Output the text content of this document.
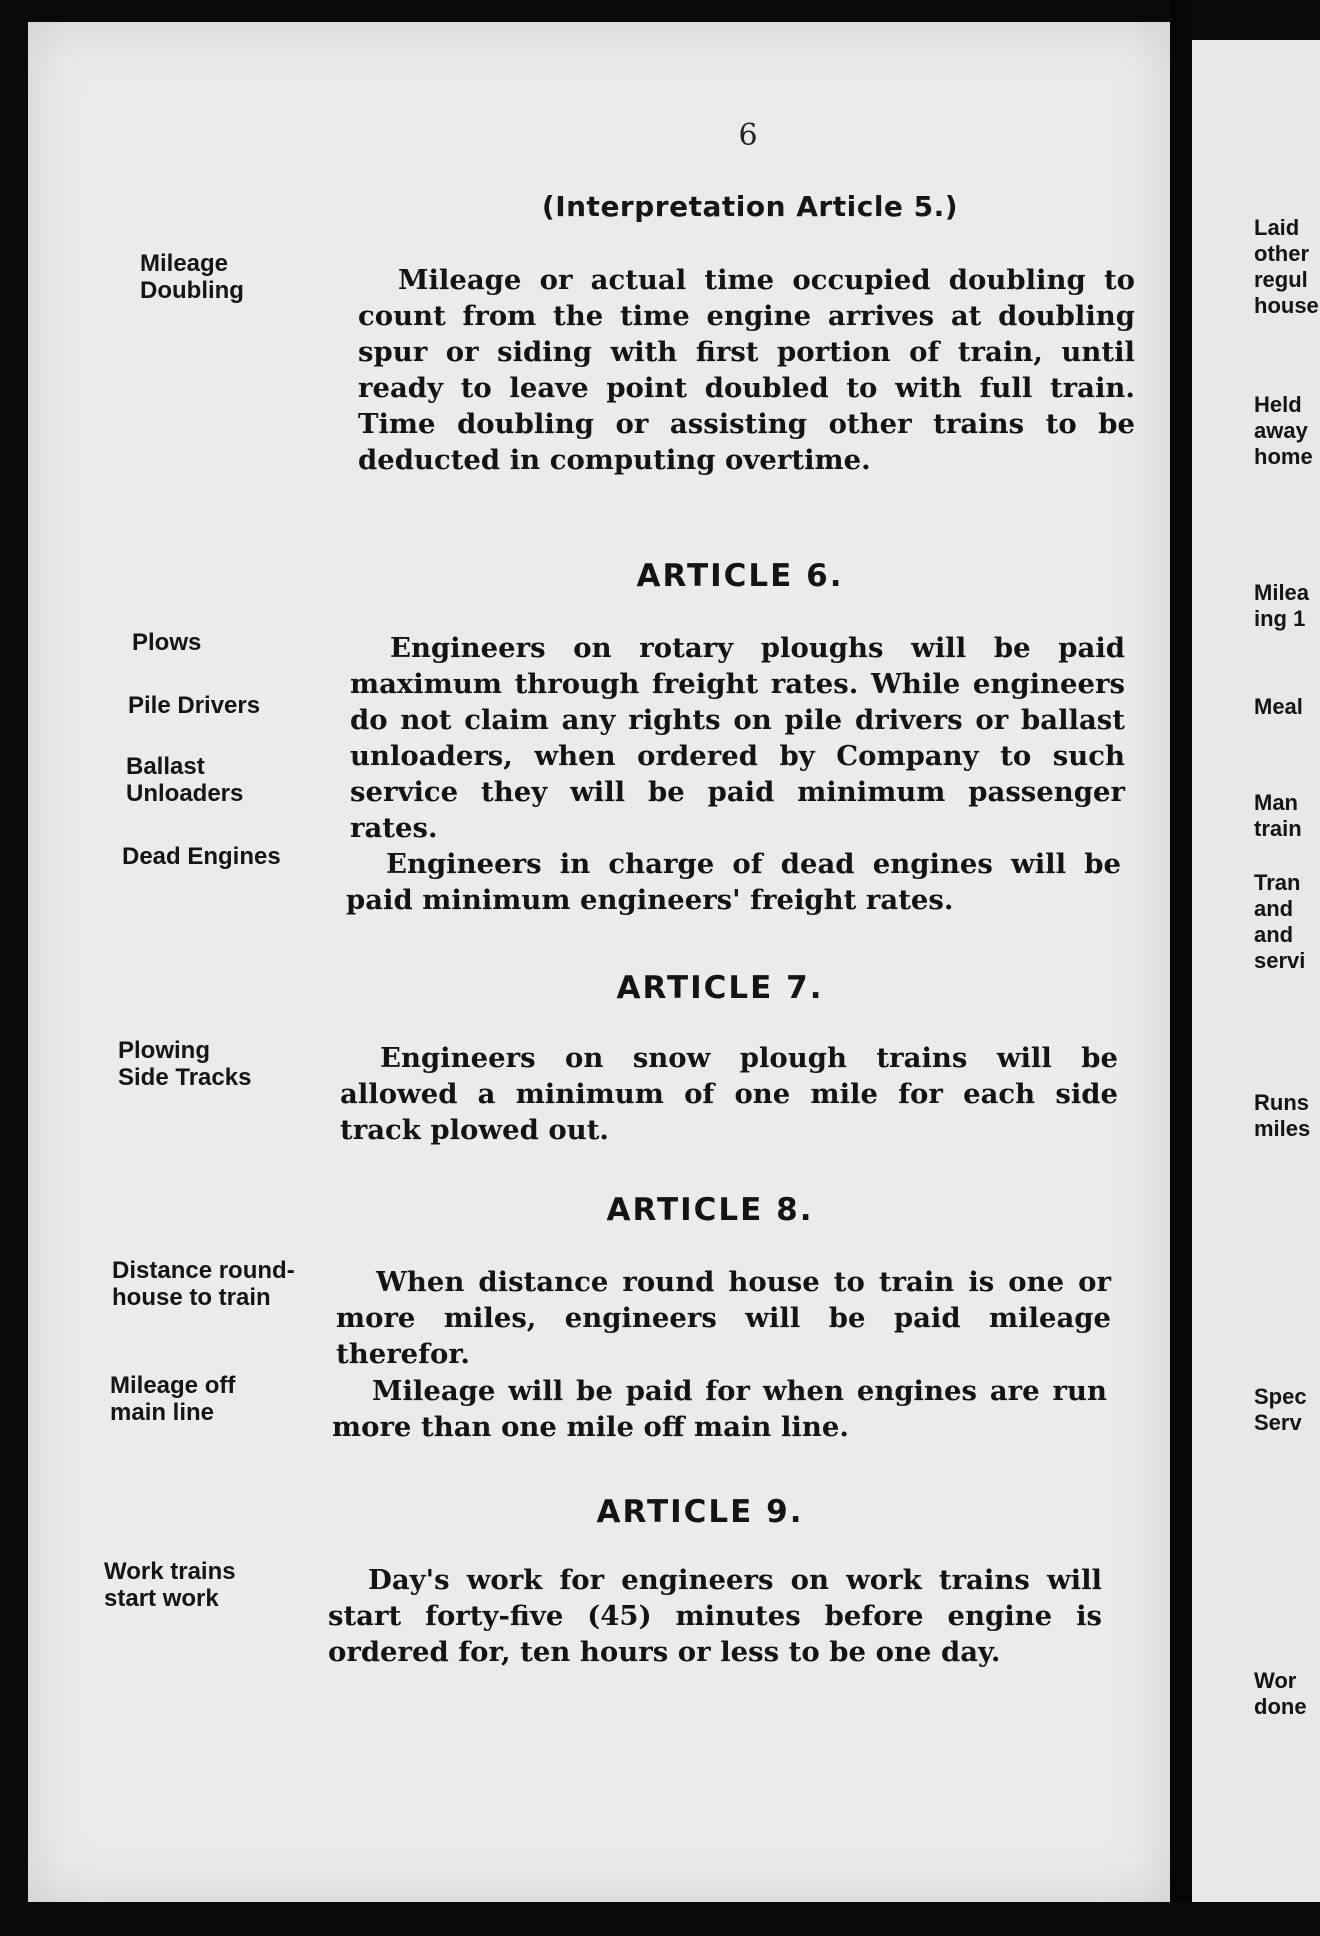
6
(Interpretation Article 5.)
Mileage
Doubling	Mileage or actual time occupied doubling to count from the time engine arrives at doubling spur or siding with first portion of train, until ready to leave point doubled to with full train. Time doubling or assisting other trains to be deducted in computing overtime.
ARTICLE 6.
Plows
Pile Drivers
Ballast
Unloaders
Dead Engines
Engineers on rotary ploughs will be paid maximum through freight rates. While engineers do not claim any rights on pile drivers or ballast unloaders, when ordered by Company to such service they will be paid minimum passenger rates.
Engineers in charge of dead engines will be paid minimum engineers' freight rates.
ARTICLE 7.
Plowing
Side Tracks
Engineers on snow plough trains will be allowed a minimum of one mile for each side track plowed out.
ARTICLE 8.
Distance round-
house to train
Mileage off
main line
When distance round house to train is one or more miles, engineers will be paid mileage therefor.
Mileage will be paid for when engines are run more than one mile off main line.
ARTICLE 9.
Work trains
start work
Day's work for engineers on work trains will start forty-five (45) minutes before engine is ordered for, ten hours or less to be one day.
Laid
other
regul
house
Held
away
home
Milea
ing 1
Meal
Man
train
Tran
and
and
servi
Runs
miles
Spec
Serv
Wor
done
